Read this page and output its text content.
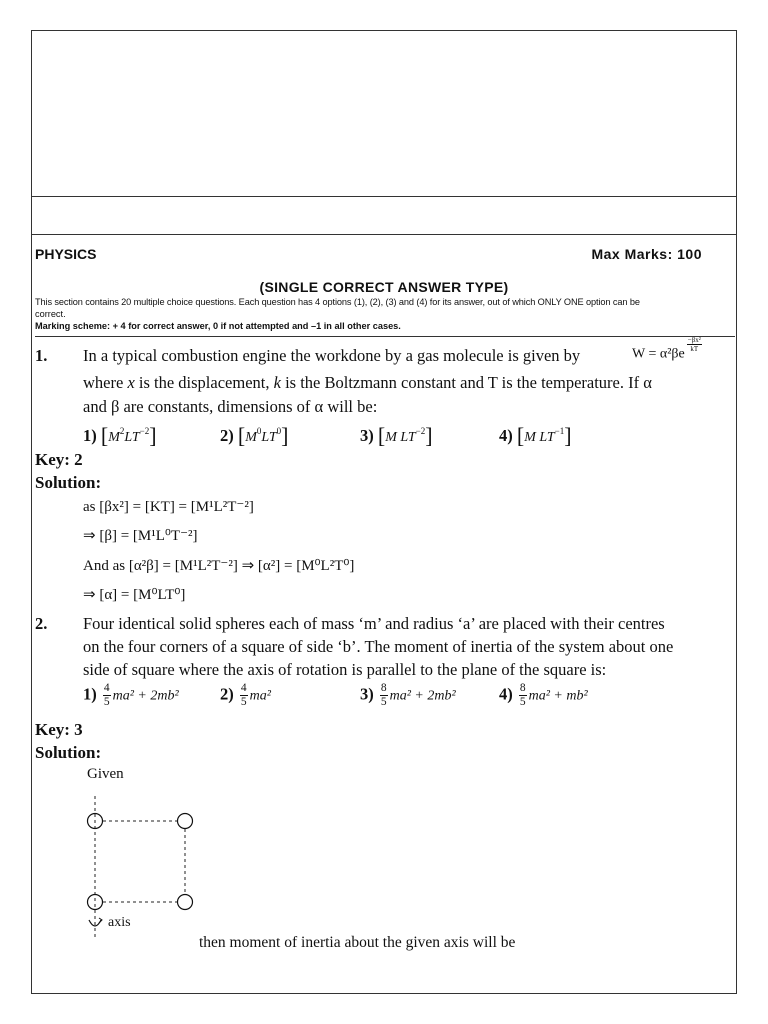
PHYSICS	Max Marks: 100
(SINGLE CORRECT ANSWER TYPE)
This section contains 20 multiple choice questions. Each question has 4 options (1), (2), (3) and (4) for its answer, out of which ONLY ONE option can be
correct.
Marking scheme: + 4 for correct answer, 0 if not attempted and –1 in all other cases.
1. In a typical combustion engine the workdone by a gas molecule is given by	W = α²βe
$\frac{\text{−βx²}}{kT}$
where x is the displacement, k is the Boltzmann constant and T is the temperature. If α
and β are constants, dimensions of α will be:
1) $[M^2LT^{-2}]$	2) $[M^0LT^0]$	3) [M $LT^{-2}$]	4) [M $LT^{-1}$]
Key: 2
Solution:
as [βx²] = [KT] = [M¹L²T⁻²]
⇒ [β] = [M¹L⁰T⁻²]
And as [α²β] = [M¹L²T⁻²] ⇒ [α²] = [M⁰L²T⁰]
⇒ [α] = [M⁰LT⁰]
2. Four identical solid spheres each of mass ‘m’ and radius ‘a’ are placed with their centres
on the four corners of a square of side ‘b’. The moment of inertia of the system about one
side of square where the axis of rotation is parallel to the plane of the square is:
$1) \frac{4}{5} ma^2 + 2mb^2$	$2) \frac{4}{5} ma^2$	$3) \frac{8}{5} ma^2 + 2mb^2$	$4) \frac{8}{5} ma^2 + mb^2$
Key: 3
Solution:
Given
axis
then moment of inertia about the given axis will be
